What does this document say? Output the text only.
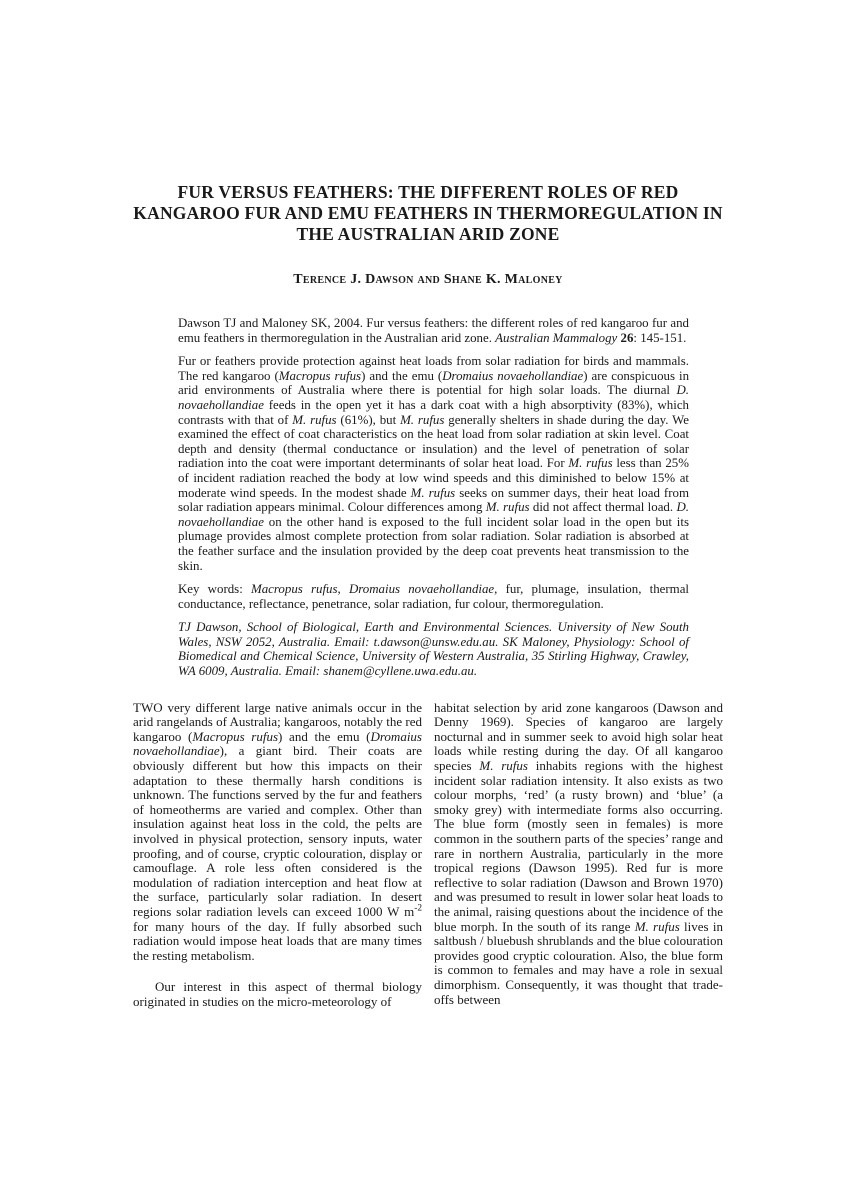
FUR VERSUS FEATHERS: THE DIFFERENT ROLES OF RED
KANGAROO FUR AND EMU FEATHERS IN THERMOREGULATION IN
THE AUSTRALIAN ARID ZONE
Terence J. Dawson and Shane K. Maloney

Dawson TJ and Maloney SK, 2004. Fur versus feathers: the different roles of red kangaroo fur and emu feathers in thermoregulation in the Australian arid zone. Australian Mammalogy 26: 145-151.

Fur or feathers provide protection against heat loads from solar radiation for birds and mammals. The red kangaroo (Macropus rufus) and the emu (Dromaius novaehollandiae) are conspicuous in arid environments of Australia where there is potential for high solar loads. The diurnal D. novaehollandiae feeds in the open yet it has a dark coat with a high absorptivity (83%), which contrasts with that of M. rufus (61%), but M. rufus generally shelters in shade during the day. We examined the effect of coat characteristics on the heat load from solar radiation at skin level. Coat depth and density (thermal conductance or insulation) and the level of penetration of solar radiation into the coat were important determinants of solar heat load. For M. rufus less than 25% of incident radiation reached the body at low wind speeds and this diminished to below 15% at moderate wind speeds. In the modest shade M. rufus seeks on summer days, their heat load from solar radiation appears minimal. Colour differences among M. rufus did not affect thermal load. D. novaehollandiae on the other hand is exposed to the full incident solar load in the open but its plumage provides almost complete protection from solar radiation. Solar radiation is absorbed at the feather surface and the insulation provided by the deep coat prevents heat transmission to the skin.

Key words: Macropus rufus, Dromaius novaehollandiae, fur, plumage, insulation, thermal conductance, reflectance, penetrance, solar radiation, fur colour, thermoregulation.

TJ Dawson, School of Biological, Earth and Environmental Sciences. University of New South Wales, NSW 2052, Australia. Email: t.dawson@unsw.edu.au. SK Maloney, Physiology: School of Biomedical and Chemical Science, University of Western Australia, 35 Stirling Highway, Crawley, WA 6009, Australia. Email: shanem@cyllene.uwa.edu.au.

TWO very different large native animals occur in the arid rangelands of Australia; kangaroos, notably the red kangaroo (Macropus rufus) and the emu (Dromaius novaehollandiae), a giant bird. Their coats are obviously different but how this impacts on their adaptation to these thermally harsh conditions is unknown. The functions served by the fur and feathers of homeotherms are varied and complex. Other than insulation against heat loss in the cold, the pelts are involved in physical protection, sensory inputs, water proofing, and of course, cryptic colouration, display or camouflage. A role less often considered is the modulation of radiation interception and heat flow at the surface, particularly solar radiation. In desert regions solar radiation levels can exceed 1000 W $m^{-2}$ for many hours of the day. If fully absorbed such radiation would impose heat loads that are many times the resting metabolism.

Our interest in this aspect of thermal biology originated in studies on the micro-meteorology of

habitat selection by arid zone kangaroos (Dawson and Denny 1969). Species of kangaroo are largely nocturnal and in summer seek to avoid high solar heat loads while resting during the day. Of all kangaroo species M. rufus inhabits regions with the highest incident solar radiation intensity. It also exists as two colour morphs, ‘red’ (a rusty brown) and ‘blue’ (a smoky grey) with intermediate forms also occurring. The blue form (mostly seen in females) is more common in the southern parts of the species’ range and rare in northern Australia, particularly in the more tropical regions (Dawson 1995). Red fur is more reflective to solar radiation (Dawson and Brown 1970) and was presumed to result in lower solar heat loads to the animal, raising questions about the incidence of the blue morph. In the south of its range M. rufus lives in saltbush / bluebush shrublands and the blue colouration provides good cryptic colouration. Also, the blue form is common to females and may have a role in sexual dimorphism. Consequently, it was thought that trade-offs between
